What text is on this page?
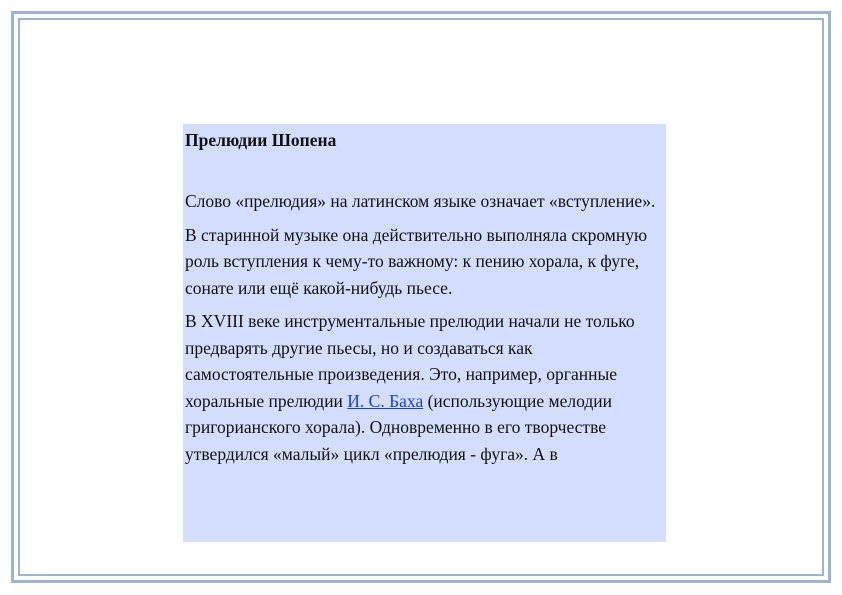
Прелюдии Шопена

Слово «прелюдия» на латинском языке означает «вступление».

В старинной музыке она действительно выполняла скромную роль вступления к чему-то важному: к пению хорала, к фуге, сонате или ещё какой-нибудь пьесе.

В XVIII веке инструментальные прелюдии начали не только предварять другие пьесы, но и создаваться как самостоятельные произведения. Это, например, органные хоральные прелюдии И. С. Баха (использующие мелодии григорианского хорала). Одновременно в его творчестве утвердился «малый» цикл «прелюдия - фуга». А в
